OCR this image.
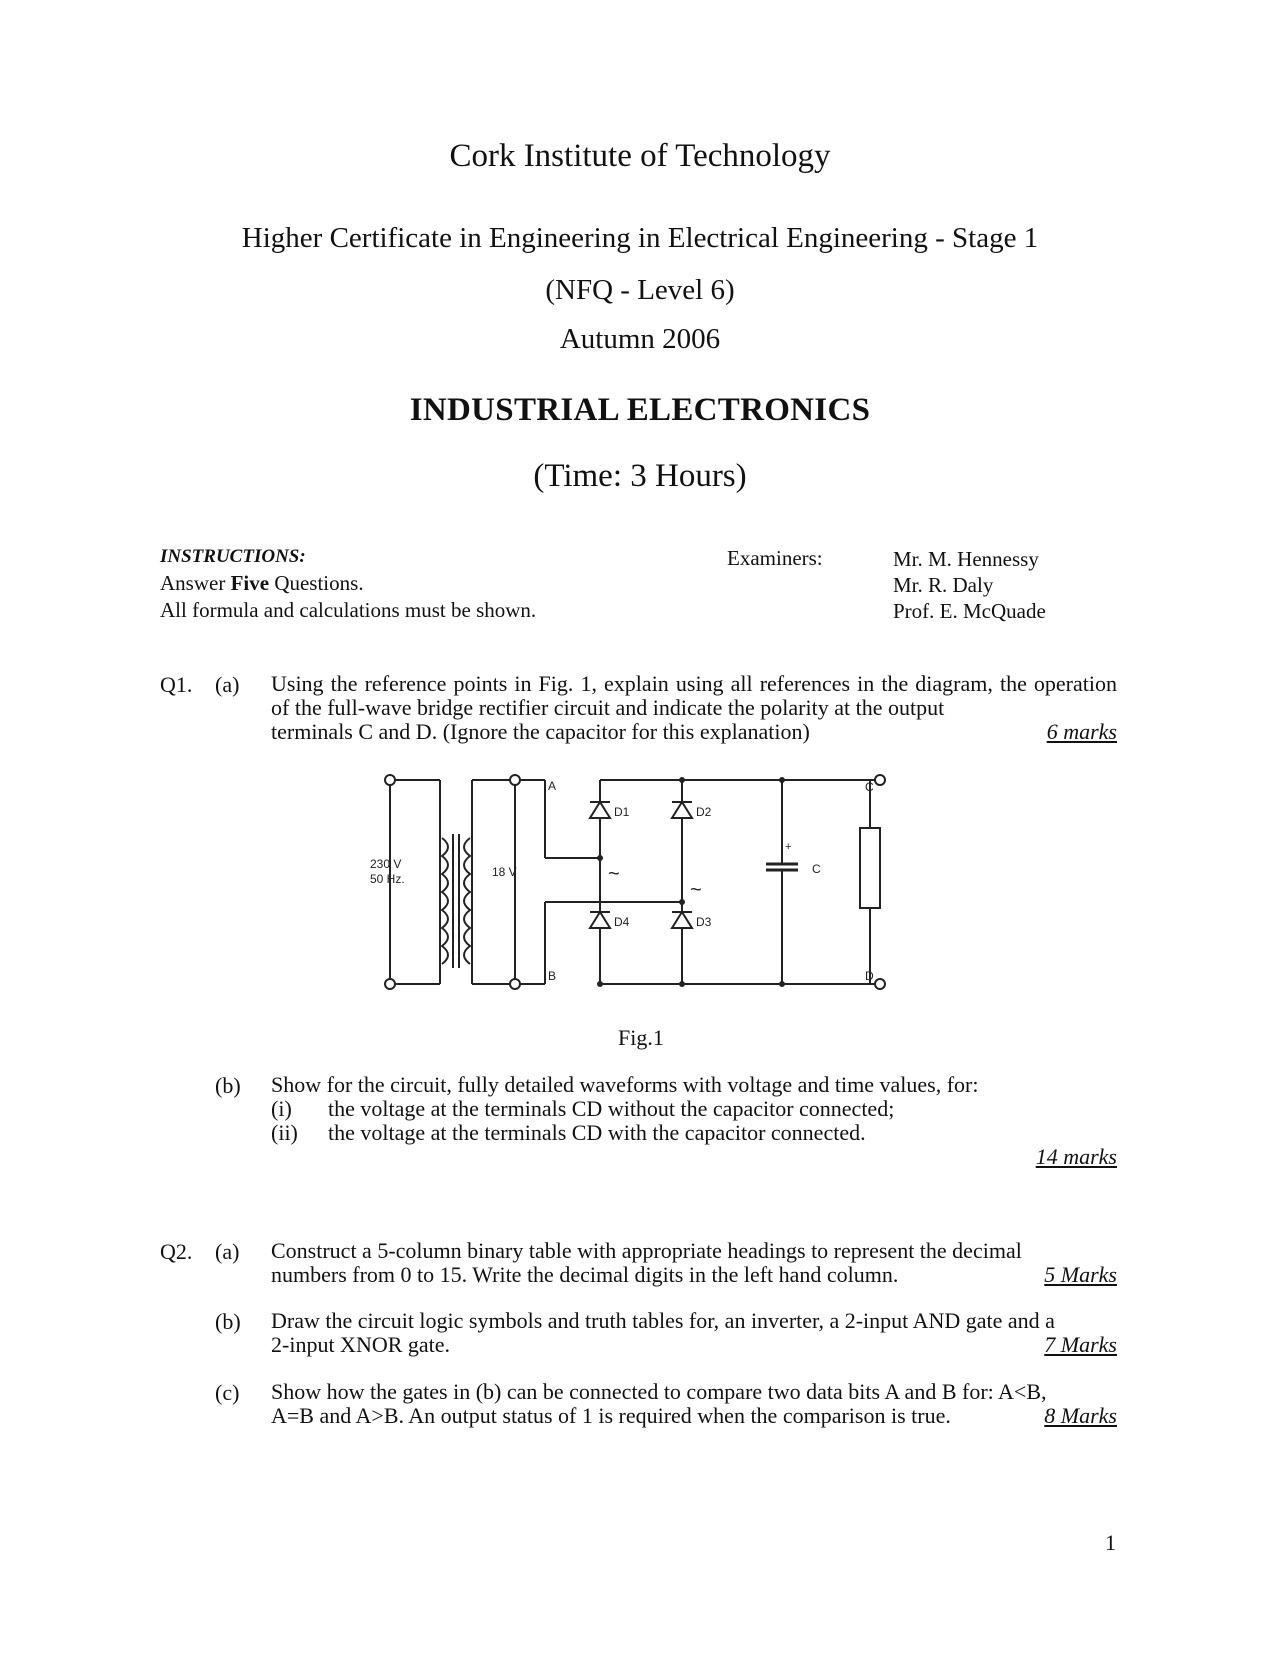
Cork Institute of Technology
Higher Certificate in Engineering in Electrical Engineering - Stage 1
(NFQ - Level 6)
Autumn 2006
INDUSTRIAL ELECTRONICS
(Time: 3 Hours)
INSTRUCTIONS:
Answer Five Questions.
All formula and calculations must be shown.
Examiners:	Mr. M. Hennessy
Mr. R. Daly
Prof. E. McQuade
Q1. (a) Using the reference points in Fig. 1, explain using all references in the diagram, the operation of the full-wave bridge rectifier circuit and indicate the polarity at the output
terminals C and D. (Ignore the capacitor for this explanation)	6 marks
A
B
C
D
C
+
230 V
50 Hz.	18 V
D1	D2
D4	D3
~
~
Fig.1
(b) Show for the circuit, fully detailed waveforms with voltage and time values, for:
(i) the voltage at the terminals CD without the capacitor connected;
(ii) the voltage at the terminals CD with the capacitor connected.
14 marks
Q2. (a) Construct a 5-column binary table with appropriate headings to represent the decimal
numbers from 0 to 15. Write the decimal digits in the left hand column.	5 Marks
(b) Draw the circuit logic symbols and truth tables for, an inverter, a 2-input AND gate and a
2-input XNOR gate.	7 Marks
(c) Show how the gates in (b) can be connected to compare two data bits A and B for: A<B,
A=B and A>B. An output status of 1 is required when the comparison is true.	8 Marks
1
